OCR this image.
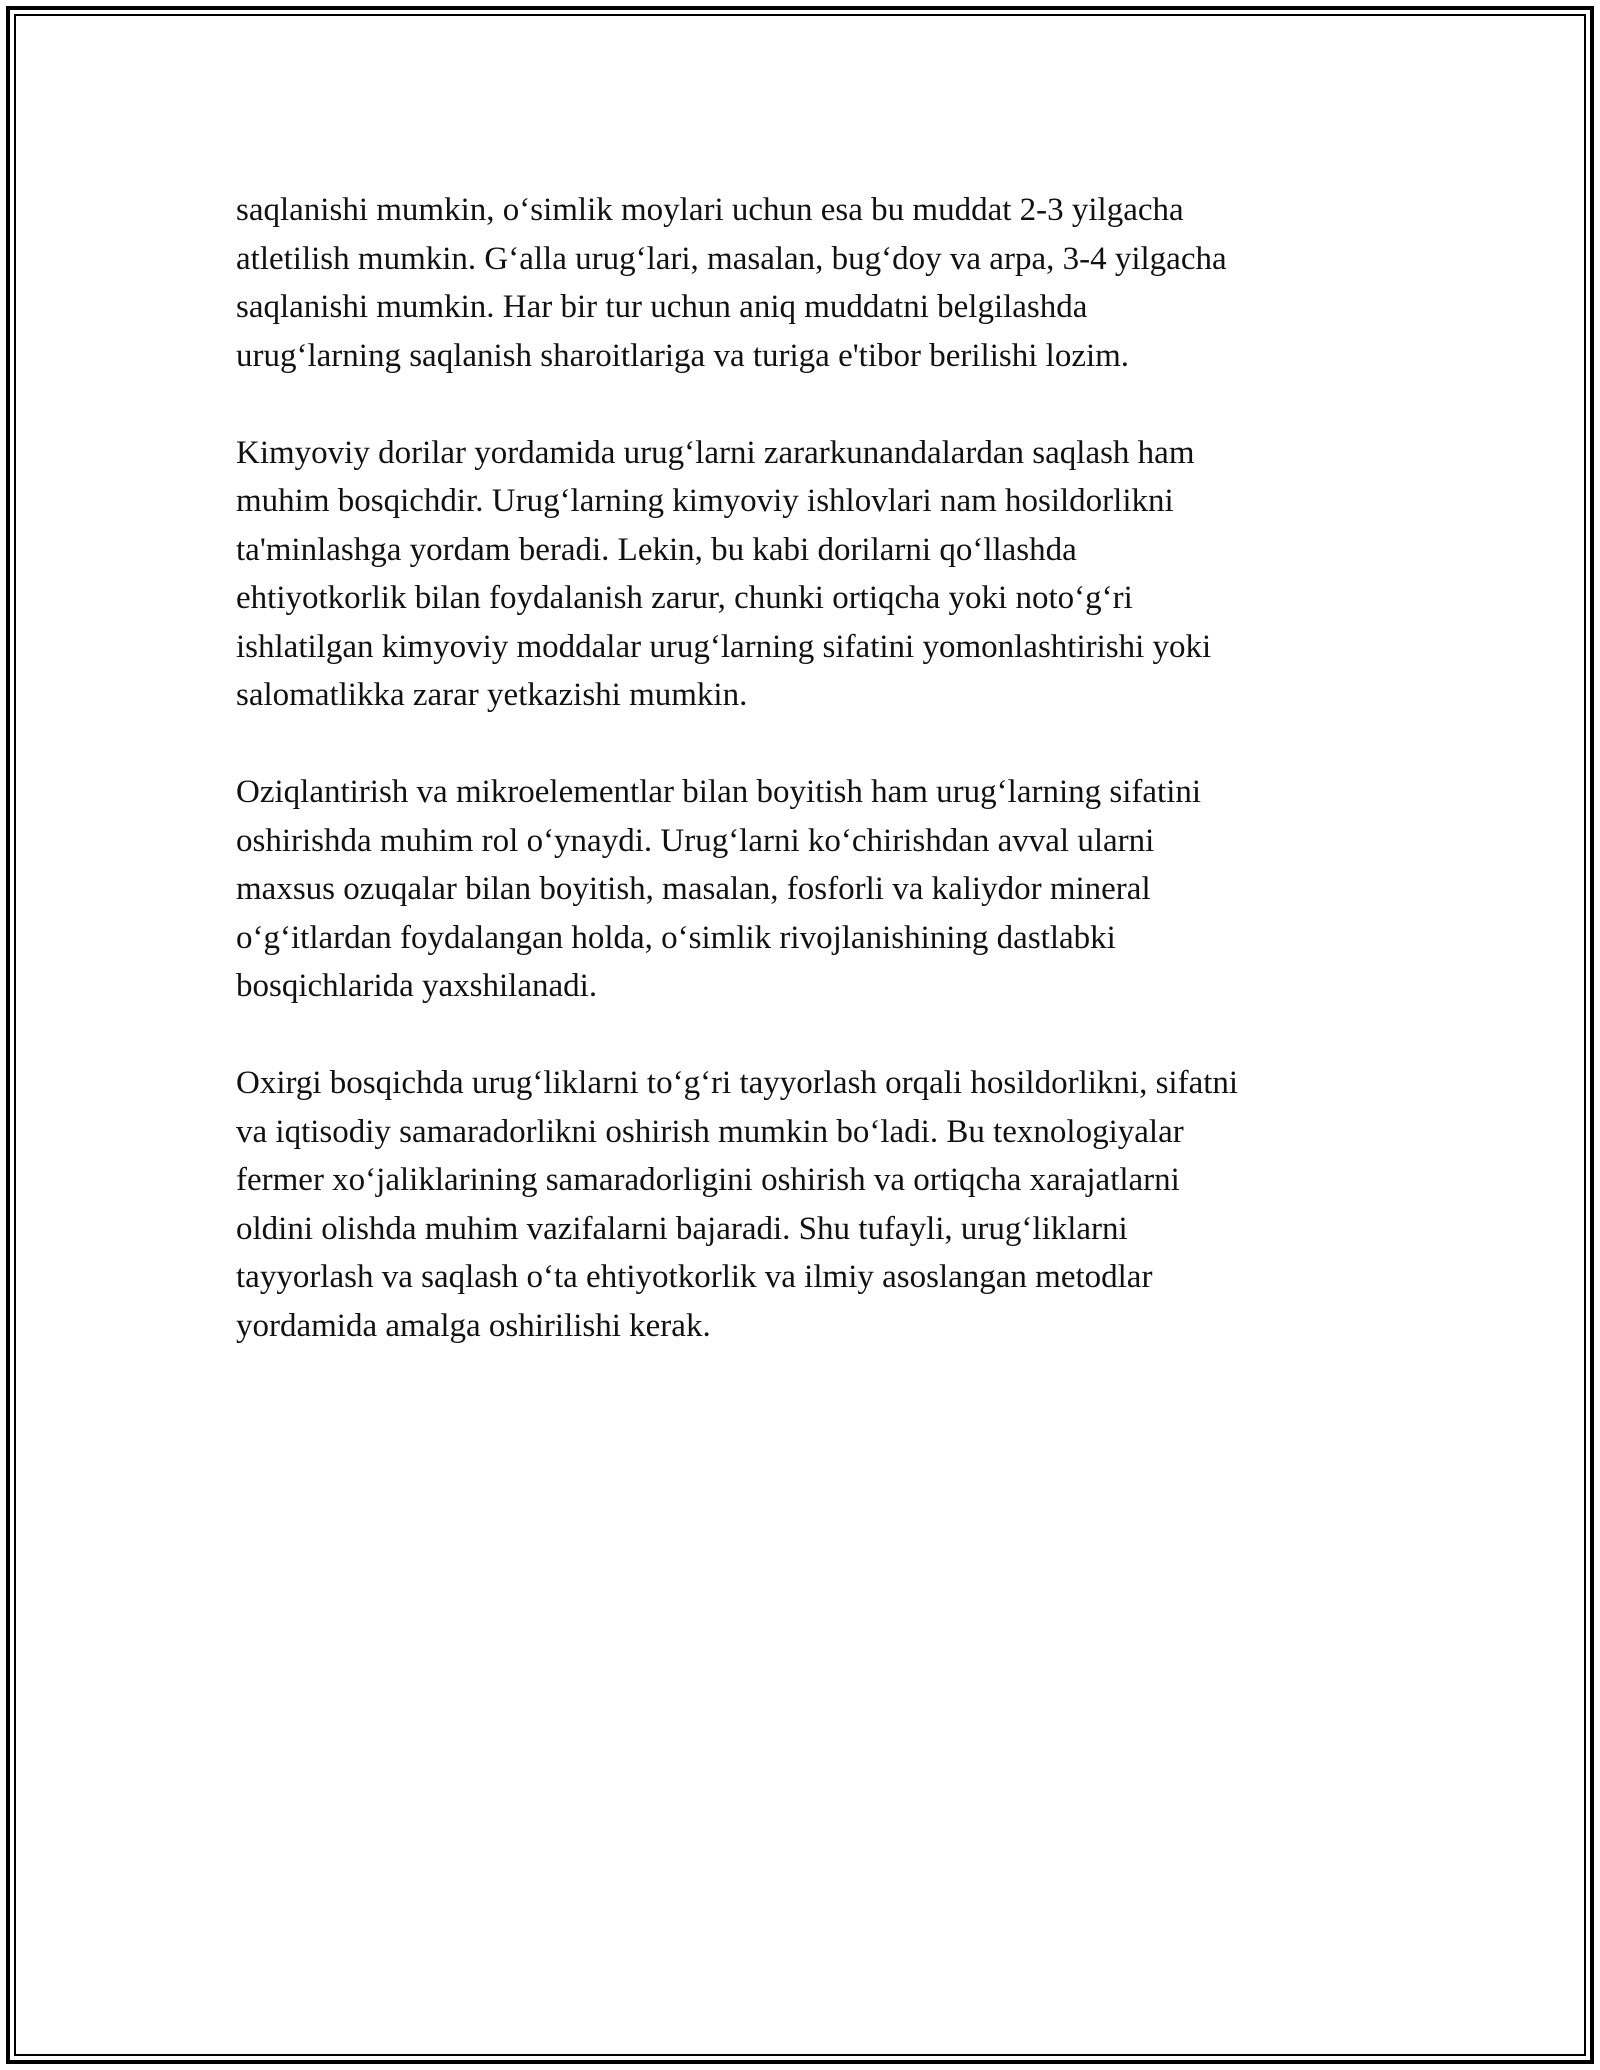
saqlanishi mumkin, o‘simlik moylari uchun esa bu muddat 2-3 yilgacha
atletilish mumkin. G‘alla urug‘lari, masalan, bug‘doy va arpa, 3-4 yilgacha
saqlanishi mumkin. Har bir tur uchun aniq muddatni belgilashda
urug‘larning saqlanish sharoitlariga va turiga e'tibor berilishi lozim.

Kimyoviy dorilar yordamida urug‘larni zararkunandalardan saqlash ham
muhim bosqichdir. Urug‘larning kimyoviy ishlovlari nam hosildorlikni
ta'minlashga yordam beradi. Lekin, bu kabi dorilarni qo‘llashda
ehtiyotkorlik bilan foydalanish zarur, chunki ortiqcha yoki noto‘g‘ri
ishlatilgan kimyoviy moddalar urug‘larning sifatini yomonlashtirishi yoki
salomatlikka zarar yetkazishi mumkin.

Oziqlantirish va mikroelementlar bilan boyitish ham urug‘larning sifatini
oshirishda muhim rol o‘ynaydi. Urug‘larni ko‘chirishdan avval ularni
maxsus ozuqalar bilan boyitish, masalan, fosforli va kaliydor mineral
o‘g‘itlardan foydalangan holda, o‘simlik rivojlanishining dastlabki
bosqichlarida yaxshilanadi.

Oxirgi bosqichda urug‘liklarni to‘g‘ri tayyorlash orqali hosildorlikni, sifatni
va iqtisodiy samaradorlikni oshirish mumkin bo‘ladi. Bu texnologiyalar
fermer xo‘jaliklarining samaradorligini oshirish va ortiqcha xarajatlarni
oldini olishda muhim vazifalarni bajaradi. Shu tufayli, urug‘liklarni
tayyorlash va saqlash o‘ta ehtiyotkorlik va ilmiy asoslangan metodlar
yordamida amalga oshirilishi kerak.
